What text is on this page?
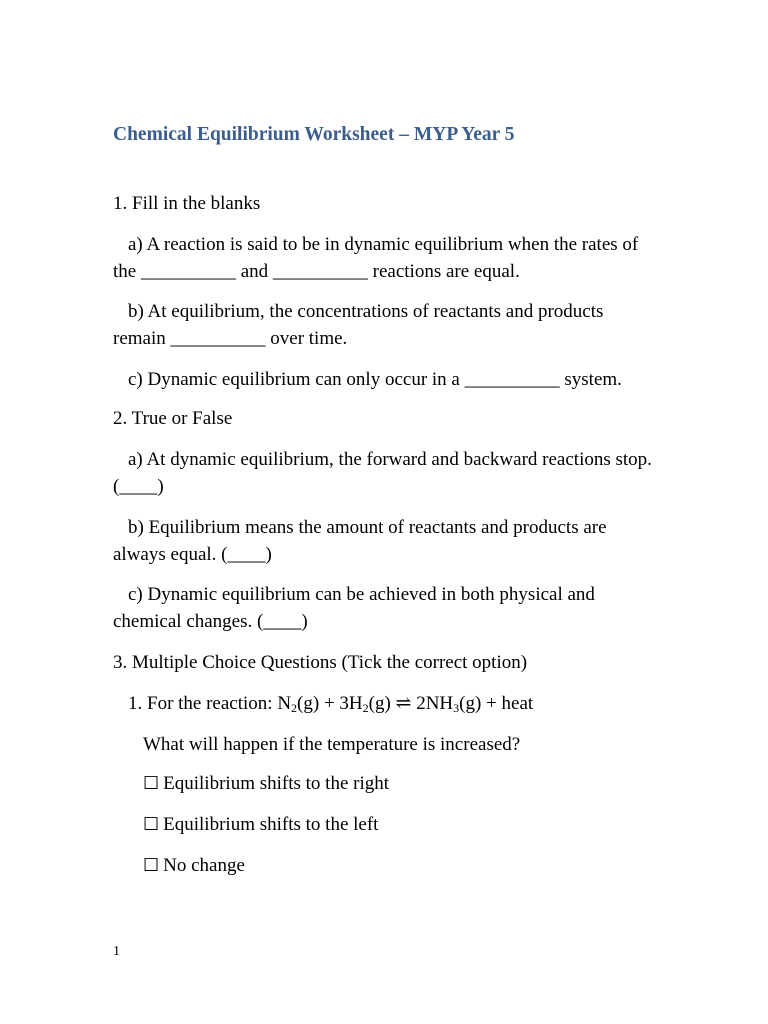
Chemical Equilibrium Worksheet – MYP Year 5
1. Fill in the blanks
a) A reaction is said to be in dynamic equilibrium when the rates of the __________ and __________ reactions are equal.
b) At equilibrium, the concentrations of reactants and products remain __________ over time.
c) Dynamic equilibrium can only occur in a __________ system.
2. True or False
a) At dynamic equilibrium, the forward and backward reactions stop. (____)
b) Equilibrium means the amount of reactants and products are always equal. (____)
c) Dynamic equilibrium can be achieved in both physical and chemical changes. (____)
3. Multiple Choice Questions (Tick the correct option)
1. For the reaction: $N_2(g) + 3H_2(g)$ ⇌ $2NH_3(g)$ + heat
What will happen if the temperature is increased?
☐ Equilibrium shifts to the right
☐ Equilibrium shifts to the left
☐ No change
1
